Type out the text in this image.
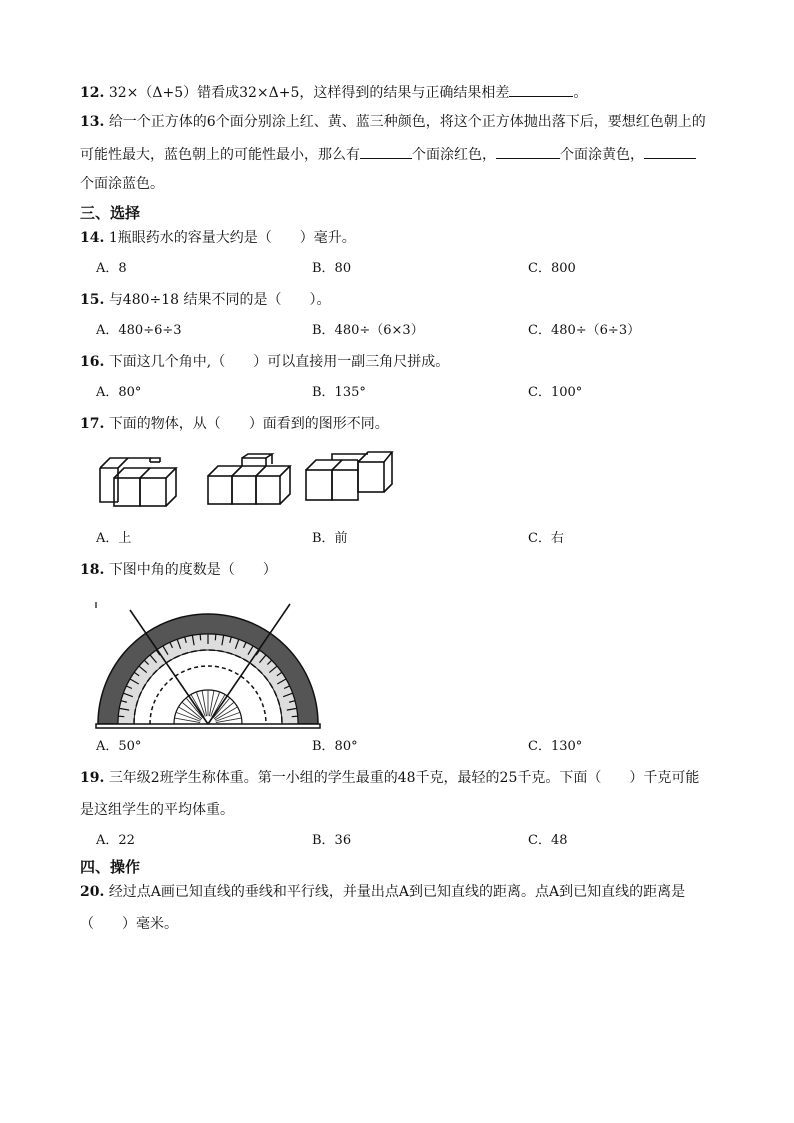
12. 32×（Δ+5）错看成32×Δ+5，这样得到的结果与正确结果相差	。
13. 给一个正方体的6个面分别涂上红、黄、蓝三种颜色，将这个正方体抛出落下后，要想红色朝上的
可能性最大，蓝色朝上的可能性最小，那么有	个面涂红色，	个面涂黄色，
个面涂蓝色。
三、选择
14. 1瓶眼药水的容量大约是（ ）毫升。
A．8	B．80	C．800
15. 与480÷18 结果不同的是（ ）。
A．480÷6÷3	B．480÷（6×3）	C．480÷（6÷3）
16. 下面这几个角中,（ ）可以直接用一副三角尺拼成。
A．80°	B．135°	C．100°
17. 下面的物体，从（ ）面看到的图形不同。
A．上	B．前	C．右
18. 下图中角的度数是（ ）
A．50°	B．80°	C．130°
19. 三年级2班学生称体重。第一小组的学生最重的48千克，最轻的25千克。下面（ ）千克可能
是这组学生的平均体重。
A．22	B．36	C．48
四、操作
20. 经过点A画已知直线的垂线和平行线，并量出点A到已知直线的距离。点A到已知直线的距离是
（ ）毫米。
